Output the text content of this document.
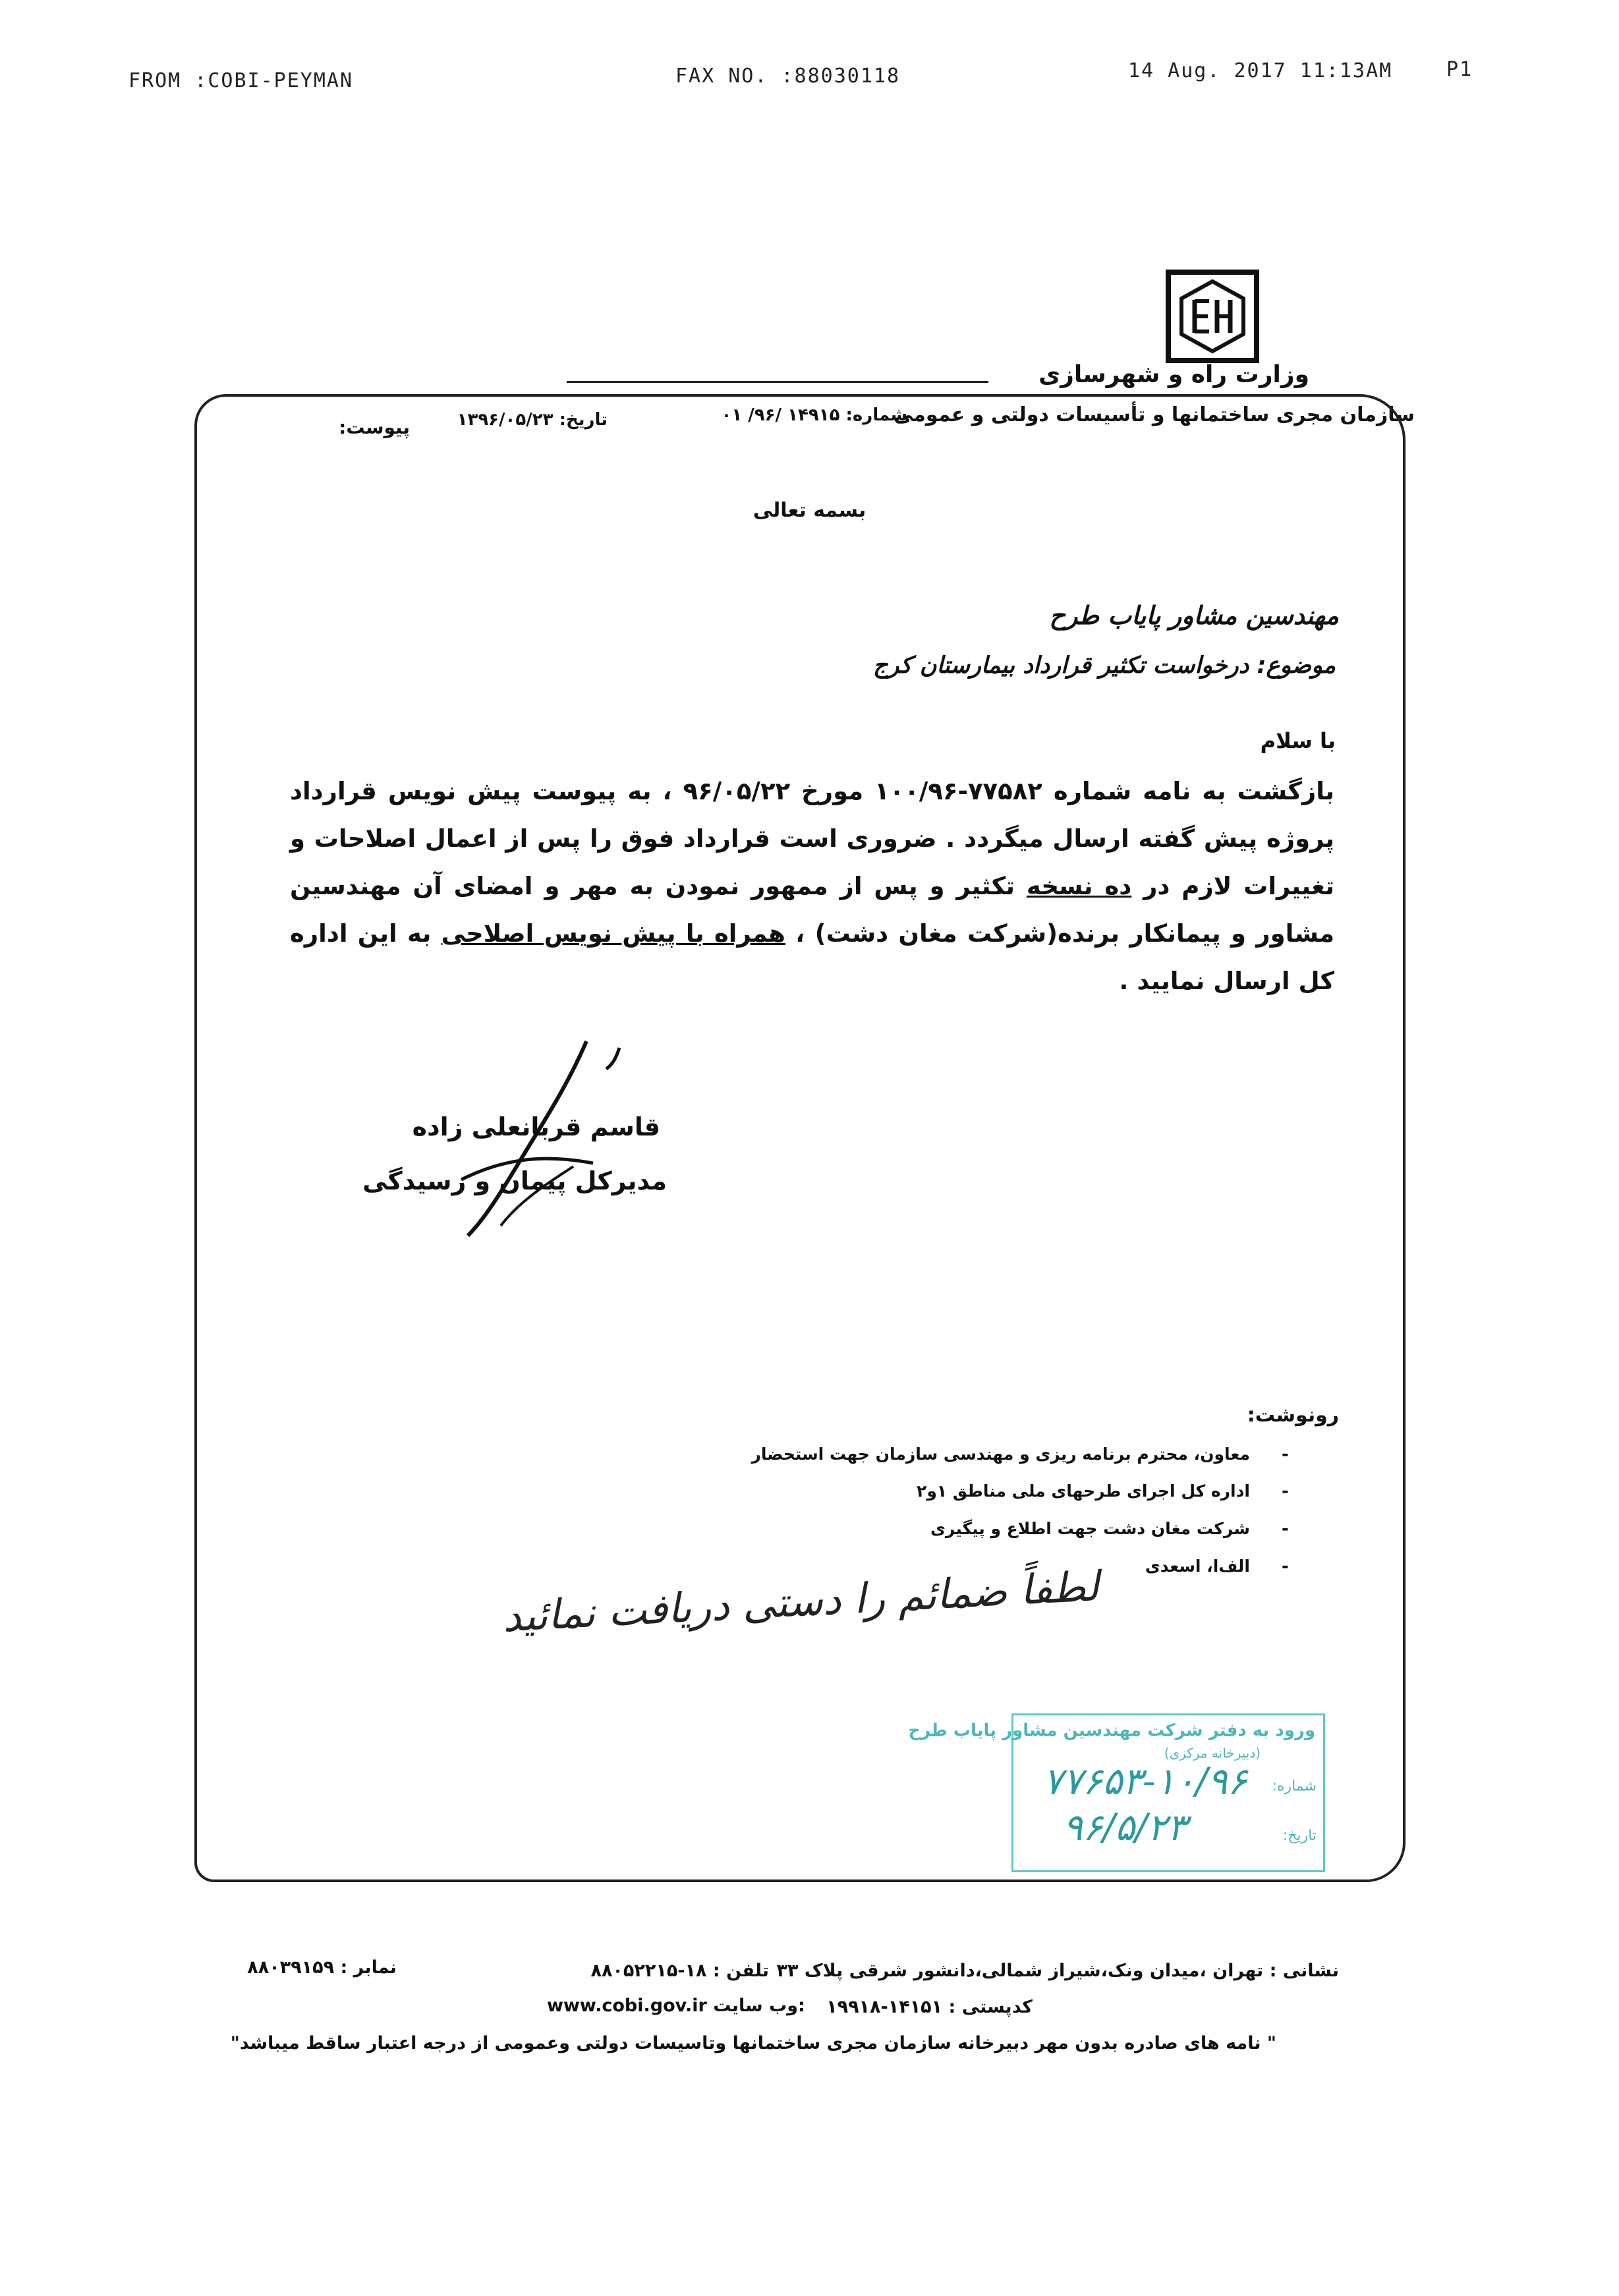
FROM :COBI-PEYMAN	FAX NO. :88030118	14 Aug. 2017 11:13AM	P1
وزارت راه و شهرسازی
سازمان مجری ساختمانها و تأسیسات دولتی و عمومی
شماره: ۱۴۹۱۵ /۹۶/ ۰۱
تاریخ: ۱۳۹۶/۰۵/۲۳
پیوست:
بسمه تعالی
مهندسین مشاور پایاب طرح
موضوع: درخواست تکثیر قرارداد بیمارستان کرج
با سلام
بازگشت به نامه شماره ۷۷۵۸۲-۱۰۰/۹۶ مورخ ۹۶/۰۵/۲۲ ، به پیوست پیش نویس قرارداد پروژه پیش گفته ارسال میگردد . ضروری است قرارداد فوق را پس از اعمال اصلاحات و تغییرات لازم در ده نسخه تکثیر و پس از ممهور نمودن به مهر و امضای آن مهندسین مشاور و پیمانکار برنده(شرکت مغان دشت) ، همراه با پیش نویس اصلاحی به این اداره کل ارسال نمایید .
قاسم قربانعلی زاده
مدیرکل پیمان و رسیدگی
رونوشت:
-
-
-
-
معاون، محترم برنامه ریزی و مهندسی سازمان جهت استحضار
اداره کل اجرای طرحهای ملی مناطق ۱و۲
شرکت مغان دشت جهت اطلاع و پیگیری
الف‌ا، اسعدی
لطفاً ضمائم را دستی دریافت نمائید
ورود به دفتر شرکت مهندسین مشاور پایاب طرح
(دبیرخانه مرکزی)
شماره:
۷۷۶۵۳-۱۰/۹۶
تاریخ:
۹۶/۵/۲۳
نشانی : تهران ،میدان ونک،شیراز شمالی،دانشور شرقی پلاک ۳۳
کدپستی : ۱۴۱۵۱-۱۹۹۱۸
تلفن : ۱۸-۸۸۰۵۲۲۱۵
www.cobi.gov.ir وب سایت:
نمابر : ۸۸۰۳۹۱۵۹
" نامه های صادره بدون مهر دبیرخانه سازمان مجری ساختمانها وتاسیسات دولتی وعمومی از درجه اعتبار ساقط میباشد"
